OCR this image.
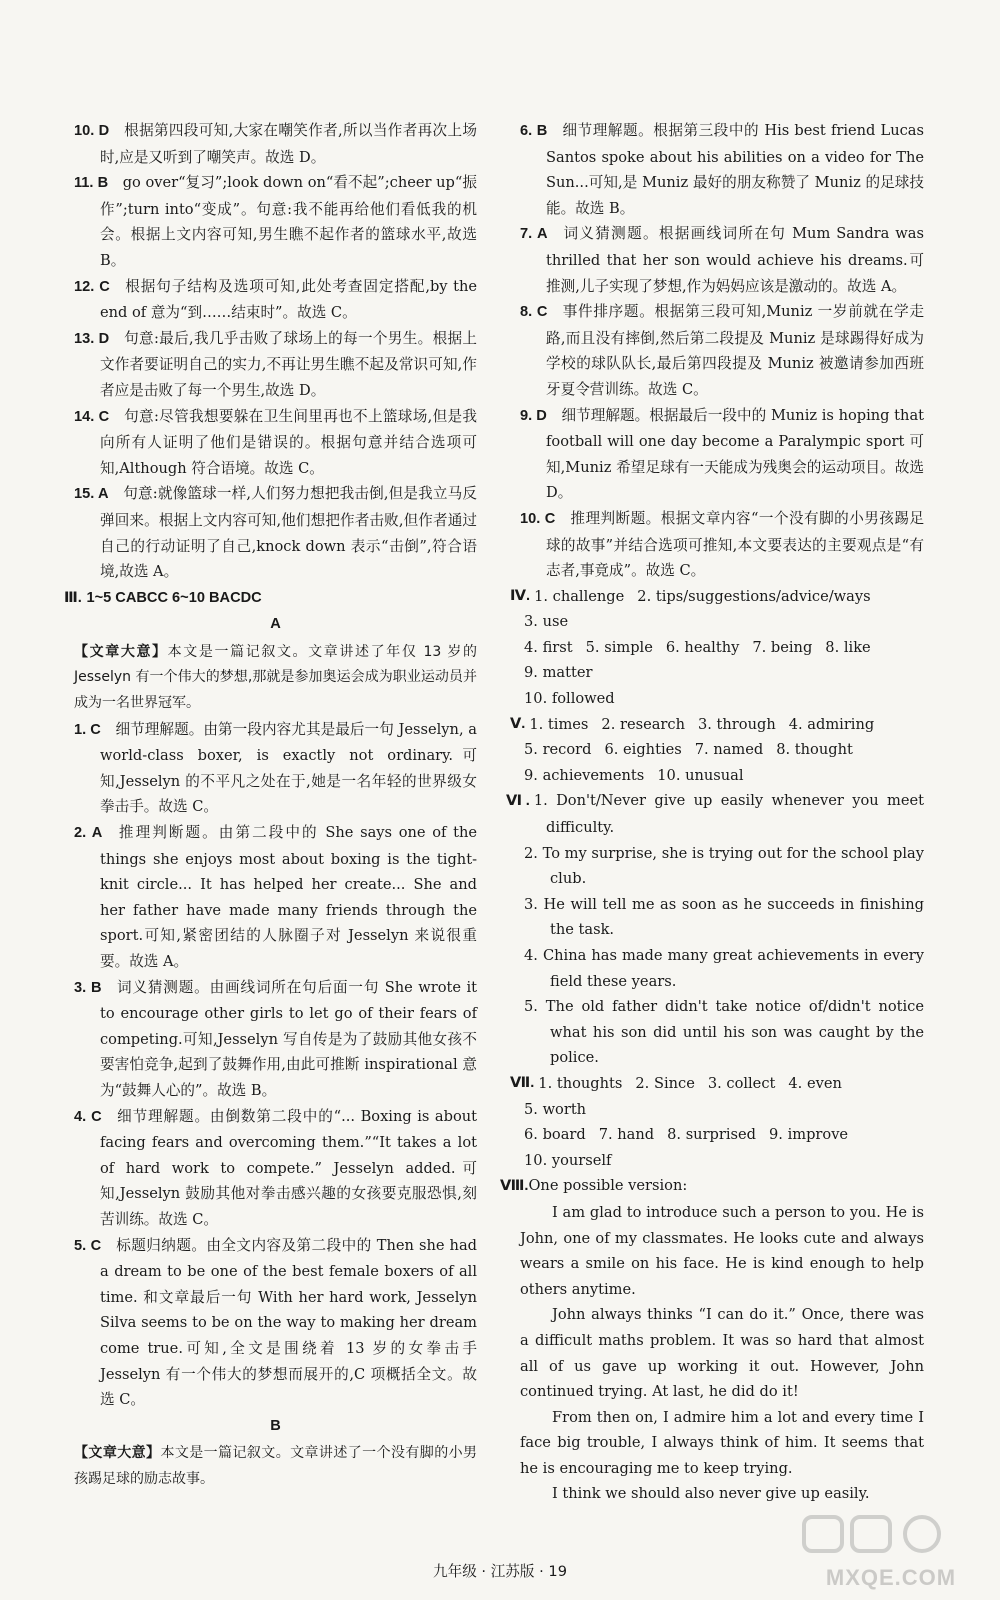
10. D  根据第四段可知,大家在嘲笑作者,所以当作者再次上场时,应是又听到了嘲笑声。故选 D。

11. B  go over“复习”;look down on“看不起”;cheer up“振作”;turn into“变成”。句意:我不能再给他们看低我的机会。根据上文内容可知,男生瞧不起作者的篮球水平,故选 B。

12. C  根据句子结构及选项可知,此处考查固定搭配,by the end of 意为“到……结束时”。故选 C。

13. D  句意:最后,我几乎击败了球场上的每一个男生。根据上文作者要证明自己的实力,不再让男生瞧不起及常识可知,作者应是击败了每一个男生,故选 D。

14. C  句意:尽管我想要躲在卫生间里再也不上篮球场,但是我向所有人证明了他们是错误的。根据句意并结合选项可知,Although 符合语境。故选 C。

15. A  句意:就像篮球一样,人们努力想把我击倒,但是我立马反弹回来。根据上文内容可知,他们想把作者击败,但作者通过自己的行动证明了自己,knock down 表示“击倒”,符合语境,故选 A。

Ⅲ. 1~5 CABCC 6~10 BACDC

A

【文章大意】本文是一篇记叙文。文章讲述了年仅 13 岁的 Jesselyn 有一个伟大的梦想,那就是参加奥运会成为职业运动员并成为一名世界冠军。

1. C  细节理解题。由第一段内容尤其是最后一句 Jesselyn, a world-class boxer, is exactly not ordinary.可知,Jesselyn 的不平凡之处在于,她是一名年轻的世界级女拳击手。故选 C。

2. A  推理判断题。由第二段中的 She says one of the things she enjoys most about boxing is the tight-knit circle... It has helped her create... She and her father have made many friends through the sport.可知,紧密团结的人脉圈子对 Jesselyn 来说很重要。故选 A。

3. B  词义猜测题。由画线词所在句后面一句 She wrote it to encourage other girls to let go of their fears of competing.可知,Jesselyn 写自传是为了鼓励其他女孩不要害怕竞争,起到了鼓舞作用,由此可推断 inspirational 意为“鼓舞人心的”。故选 B。

4. C  细节理解题。由倒数第二段中的“... Boxing is about facing fears and overcoming them.”“It takes a lot of hard work to compete.” Jesselyn added.可知,Jesselyn 鼓励其他对拳击感兴趣的女孩要克服恐惧,刻苦训练。故选 C。

5. C  标题归纳题。由全文内容及第二段中的 Then she had a dream to be one of the best female boxers of all time. 和文章最后一句 With her hard work, Jesselyn Silva seems to be on the way to making her dream come true.可知,全文是围绕着 13 岁的女拳击手 Jesselyn 有一个伟大的梦想而展开的,C 项概括全文。故选 C。

B

【文章大意】本文是一篇记叙文。文章讲述了一个没有脚的小男孩踢足球的励志故事。

6. B  细节理解题。根据第三段中的 His best friend Lucas Santos spoke about his abilities on a video for The Sun...可知,是 Muniz 最好的朋友称赞了 Muniz 的足球技能。故选 B。

7. A  词义猜测题。根据画线词所在句 Mum Sandra was thrilled that her son would achieve his dreams.可推测,儿子实现了梦想,作为妈妈应该是激动的。故选 A。

8. C  事件排序题。根据第三段可知,Muniz 一岁前就在学走路,而且没有摔倒,然后第二段提及 Muniz 是球踢得好成为学校的球队队长,最后第四段提及 Muniz 被邀请参加西班牙夏令营训练。故选 C。

9. D  细节理解题。根据最后一段中的 Muniz is hoping that football will one day become a Paralympic sport 可知,Muniz 希望足球有一天能成为残奥会的运动项目。故选 D。

10. C  推理判断题。根据文章内容“一个没有脚的小男孩踢足球的故事”并结合选项可推知,本文要表达的主要观点是“有志者,事竟成”。故选 C。

Ⅳ. 1. challenge 2. tips/suggestions/advice/ways
3. use
4. first 5. simple 6. healthy 7. being 8. like
9. matter
10. followed
Ⅴ. 1. times 2. research 3. through 4. admiring
5. record 6. eighties 7. named 8. thought
9. achievements 10. unusual

Ⅵ. 1. Don't/Never give up easily whenever you meet difficulty.

2. To my surprise, she is trying out for the school play club.

3. He will tell me as soon as he succeeds in finishing the task.

4. China has made many great achievements in every field these years.

5. The old father didn't take notice of/didn't notice what his son did until his son was caught by the police.

Ⅶ. 1. thoughts 2. Since 3. collect 4. even
5. worth
6. board 7. hand 8. surprised 9. improve
10. yourself

Ⅷ.One possible version:

I am glad to introduce such a person to you. He is John, one of my classmates. He looks cute and always wears a smile on his face. He is kind enough to help others anytime.

John always thinks “I can do it.” Once, there was a difficult maths problem. It was so hard that almost all of us gave up working it out. However, John continued trying. At last, he did do it!

From then on, I admire him a lot and every time I face big trouble, I always think of him. It seems that he is encouraging me to keep trying.

I think we should also never give up easily.

九年级 · 江苏版 · 19	MXQE.COM
